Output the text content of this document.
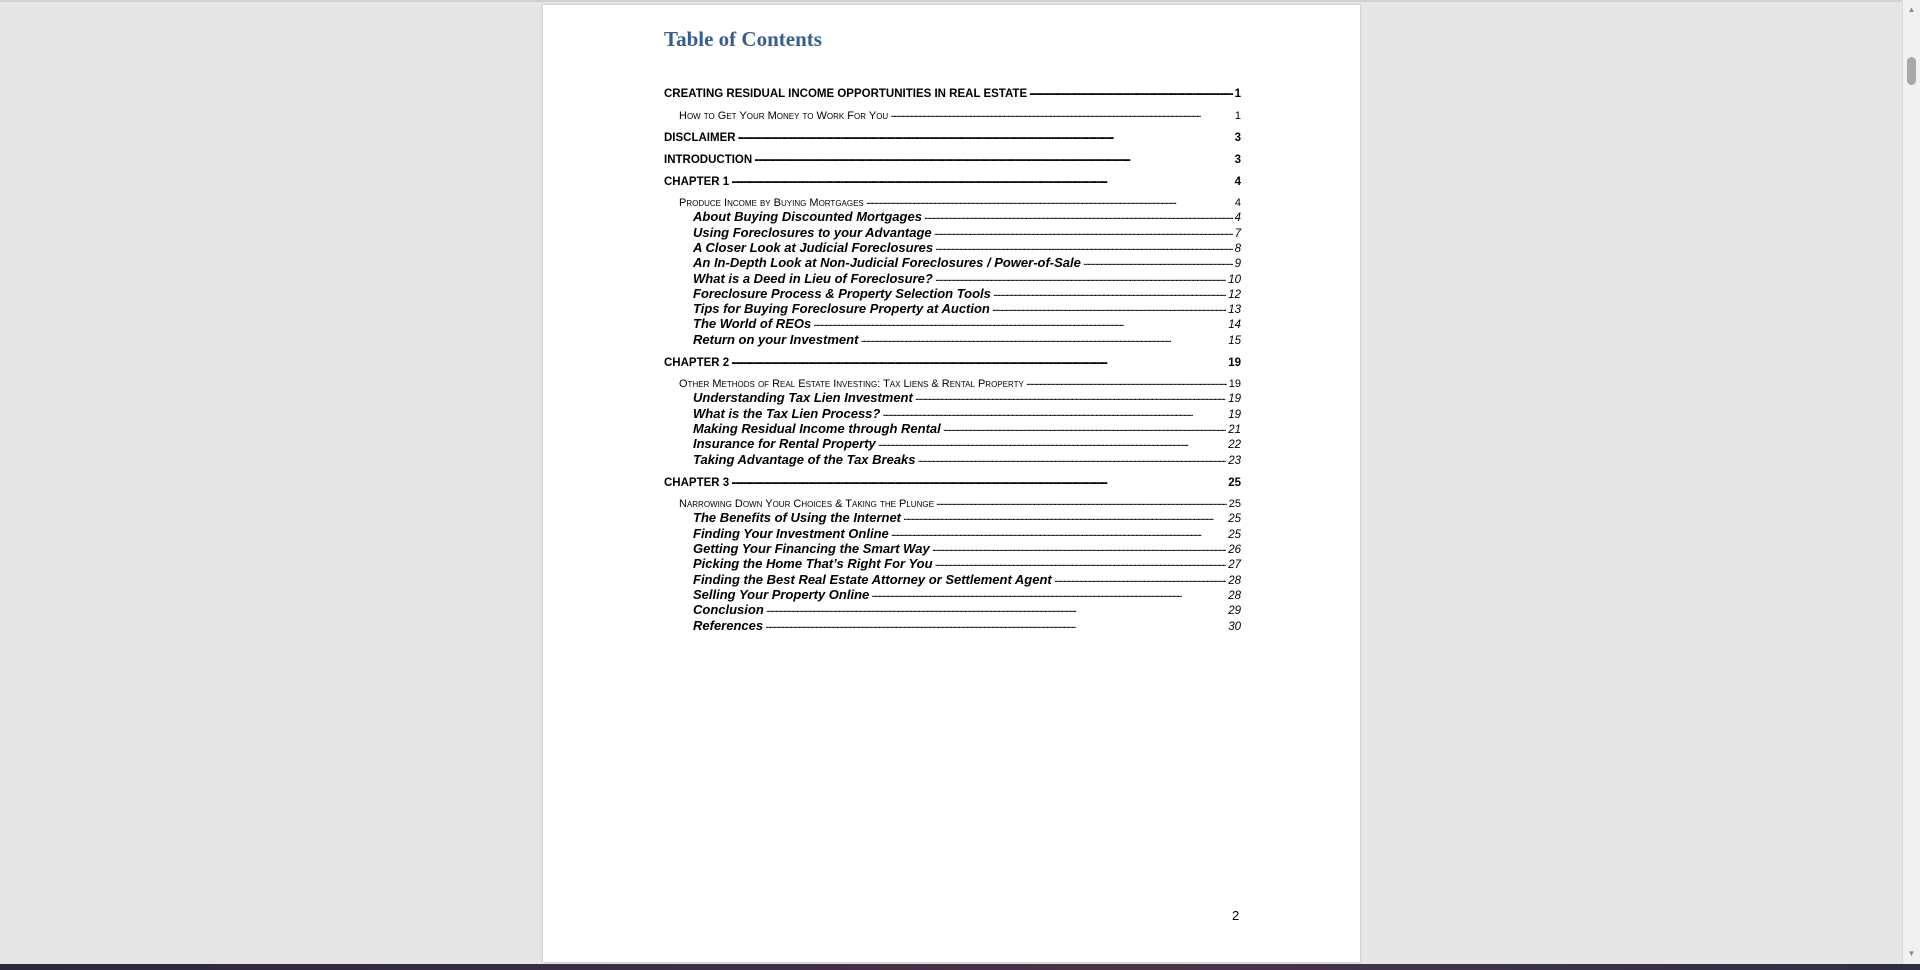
Table of Contents
CREATING RESIDUAL INCOME OPPORTUNITIES IN REAL ESTATE . . .	1
How to Get Your Money to Work For You . . .	1
DISCLAIMER . . .	3
INTRODUCTION . . .	3
CHAPTER 1 . . .	4
Produce Income by Buying Mortgages . . .	4
About Buying Discounted Mortgages . . .	4
Using Foreclosures to your Advantage . . .	7
A Closer Look at Judicial Foreclosures . . .	8
An In-Depth Look at Non-Judicial Foreclosures / Power-of-Sale . . .	9
What is a Deed in Lieu of Foreclosure? . . .	10
Foreclosure Process & Property Selection Tools . . .	12
Tips for Buying Foreclosure Property at Auction . . .	13
The World of REOs . . .	14
Return on your Investment . . .	15
CHAPTER 2 . . .	19
Other Methods of Real Estate Investing: Tax Liens & Rental Property . . .	19
Understanding Tax Lien Investment . . .	19
What is the Tax Lien Process? . . .	19
Making Residual Income through Rental . . .	21
Insurance for Rental Property . . .	22
Taking Advantage of the Tax Breaks . . .	23
CHAPTER 3 . . .	25
Narrowing Down Your Choices & Taking the Plunge . . .	25
The Benefits of Using the Internet . . .	25
Finding Your Investment Online . . .	25
Getting Your Financing the Smart Way . . .	26
Picking the Home That’s Right For You . . .	27
Finding the Best Real Estate Attorney or Settlement Agent . . .	28
Selling Your Property Online . . .	28
Conclusion . . .	29
References . . .	30
2
▲
▼
